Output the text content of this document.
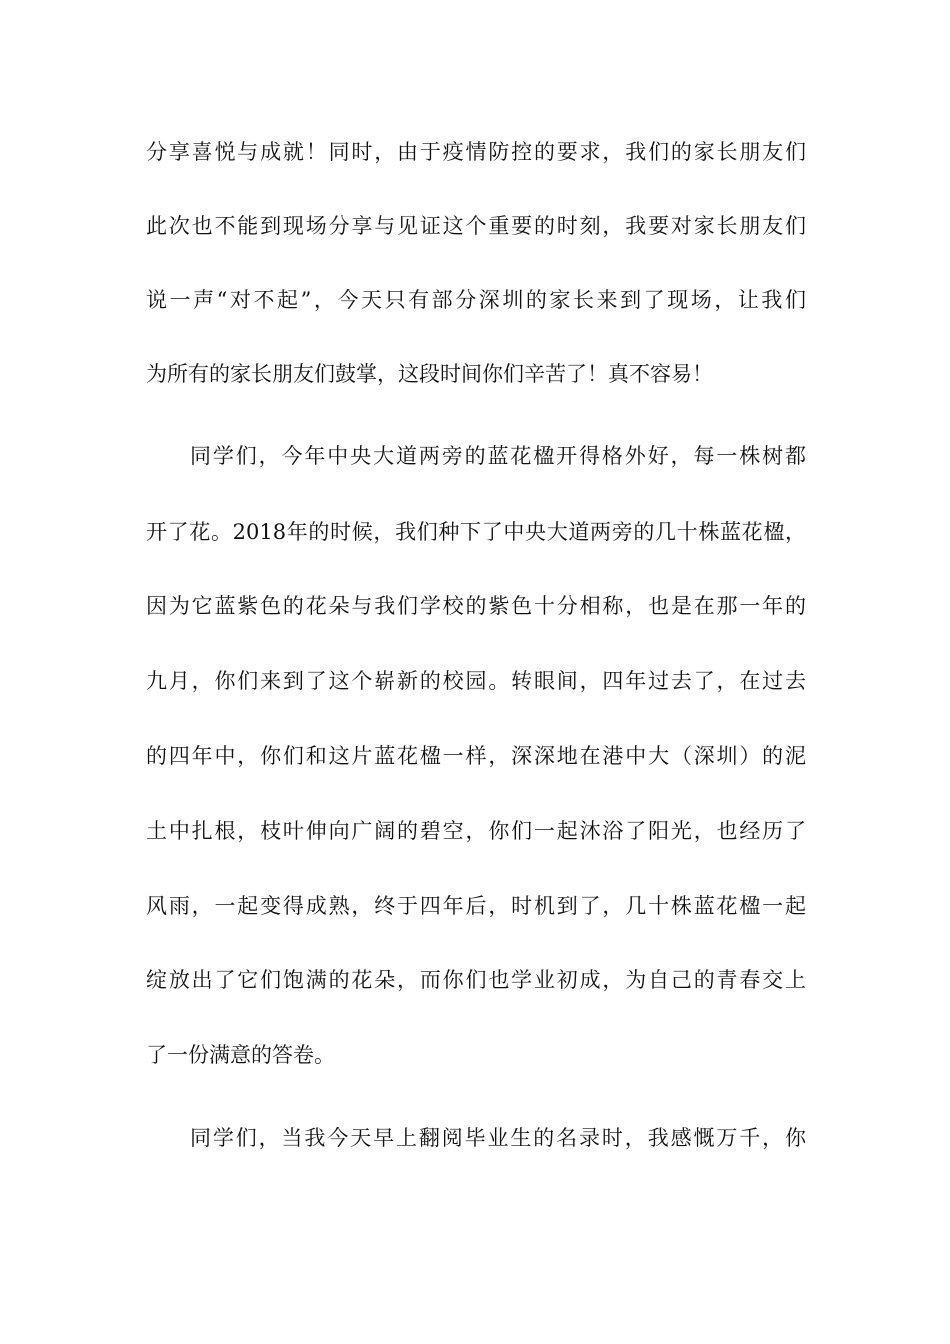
分享喜悦与成就！同时，由于疫情防控的要求，我们的家长朋友们
此次也不能到现场分享与见证这个重要的时刻，我要对家长朋友们
说一声“对不起”，今天只有部分深圳的家长来到了现场，让我们
为所有的家长朋友们鼓掌，这段时间你们辛苦了！真不容易！
同学们，今年中央大道两旁的蓝花楹开得格外好，每一株树都
开了花。2018年的时候，我们种下了中央大道两旁的几十株蓝花楹，
因为它蓝紫色的花朵与我们学校的紫色十分相称，也是在那一年的
九月，你们来到了这个崭新的校园。转眼间，四年过去了，在过去
的四年中，你们和这片蓝花楹一样，深深地在港中大（深圳）的泥
土中扎根，枝叶伸向广阔的碧空，你们一起沐浴了阳光，也经历了
风雨，一起变得成熟，终于四年后，时机到了，几十株蓝花楹一起
绽放出了它们饱满的花朵，而你们也学业初成，为自己的青春交上
了一份满意的答卷。
同学们，当我今天早上翻阅毕业生的名录时，我感慨万千，你
